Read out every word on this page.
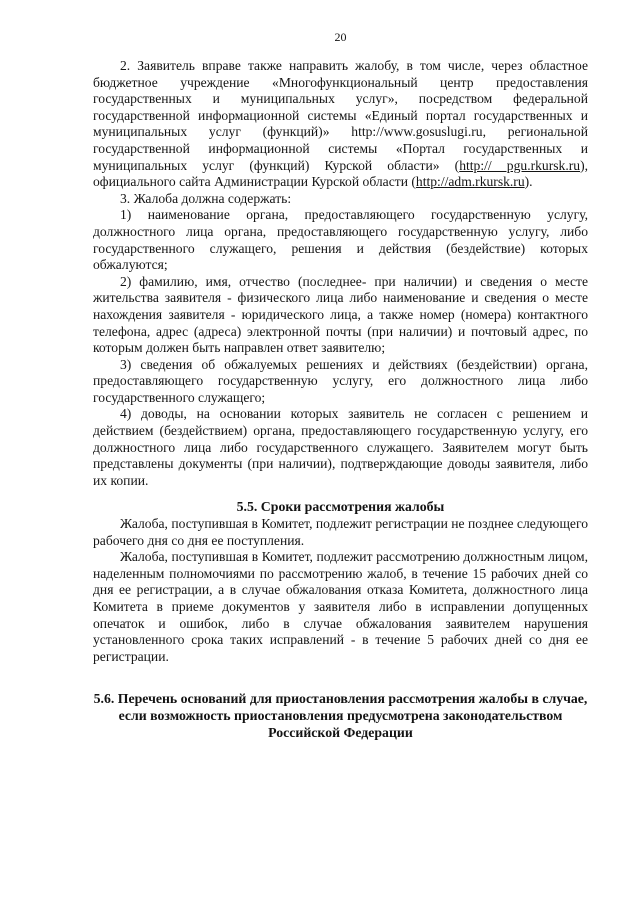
20

2. Заявитель вправе также направить жалобу, в том числе, через областное бюджетное учреждение «Многофункциональный центр предоставления государственных и муниципальных услуг», посредством федеральной государственной информационной системы «Единый портал государственных и муниципальных услуг (функций)» http://www.gosuslugi.ru, региональной государственной информационной системы «Портал государственных и муниципальных услуг (функций) Курской области» (http:// pgu.rkursk.ru), официального сайта Администрации Курской области (http://adm.rkursk.ru).

3. Жалоба должна содержать:

1) наименование органа, предоставляющего государственную услугу, должностного лица органа, предоставляющего государственную услугу, либо государственного служащего, решения и действия (бездействие) которых обжалуются;

2) фамилию, имя, отчество (последнее- при наличии) и сведения о месте жительства заявителя - физического лица либо наименование и сведения о месте нахождения заявителя - юридического лица, а также номер (номера) контактного телефона, адрес (адреса) электронной почты (при наличии) и почтовый адрес, по которым должен быть направлен ответ заявителю;

3) сведения об обжалуемых решениях и действиях (бездействии) органа, предоставляющего государственную услугу, его должностного лица либо государственного служащего;

4) доводы, на основании которых заявитель не согласен с решением и действием (бездействием) органа, предоставляющего государственную услугу, его должностного лица либо государственного служащего. Заявителем могут быть представлены документы (при наличии), подтверждающие доводы заявителя, либо их копии.

5.5. Сроки рассмотрения жалобы

Жалоба, поступившая в Комитет, подлежит регистрации не позднее следующего рабочего дня со дня ее поступления.

Жалоба, поступившая в Комитет, подлежит рассмотрению должностным лицом, наделенным полномочиями по рассмотрению жалоб, в течение 15 рабочих дней со дня ее регистрации, а в случае обжалования отказа Комитета, должностного лица Комитета в приеме документов у заявителя либо в исправлении допущенных опечаток и ошибок, либо в случае обжалования заявителем нарушения установленного срока таких исправлений - в течение 5 рабочих дней со дня ее регистрации.

5.6. Перечень оснований для приостановления рассмотрения жалобы в случае, если возможность приостановления предусмотрена законодательством Российской Федерации
